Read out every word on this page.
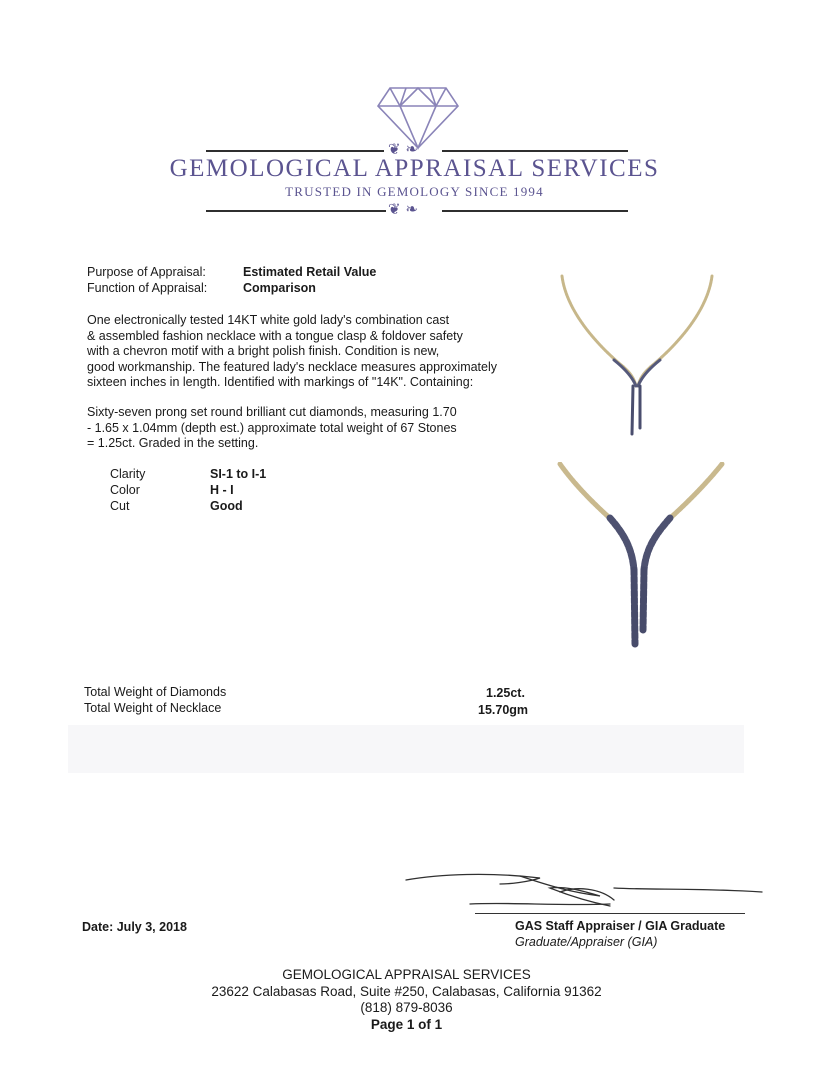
❦ ❧
GEMOLOGICAL APPRAISAL SERVICES
TRUSTED IN GEMOLOGY SINCE 1994
❦ ❧
Purpose of Appraisal:	Estimated Retail Value
Function of Appraisal:	Comparison
One electronically tested 14KT white gold lady's combination cast
& assembled fashion necklace with a tongue clasp & foldover safety
with a chevron motif with a bright polish finish. Condition is new,
good workmanship. The featured lady's necklace measures approximately
sixteen inches in length. Identified with markings of "14K". Containing:
Sixty-seven prong set round brilliant cut diamonds, measuring 1.70
- 1.65 x 1.04mm (depth est.) approximate total weight of 67 Stones
= 1.25ct. Graded in the setting.
Clarity	SI-1 to I-1
Color	H - I
Cut	Good
Total Weight of Diamonds	1.25ct.
Total Weight of Necklace	15.70gm
Date: July 3, 2018	GAS Staff Appraiser / GIA Graduate
Graduate/Appraiser (GIA)
GEMOLOGICAL APPRAISAL SERVICES
23622 Calabasas Road, Suite #250, Calabasas, California 91362
(818) 879-8036
Page 1 of 1
